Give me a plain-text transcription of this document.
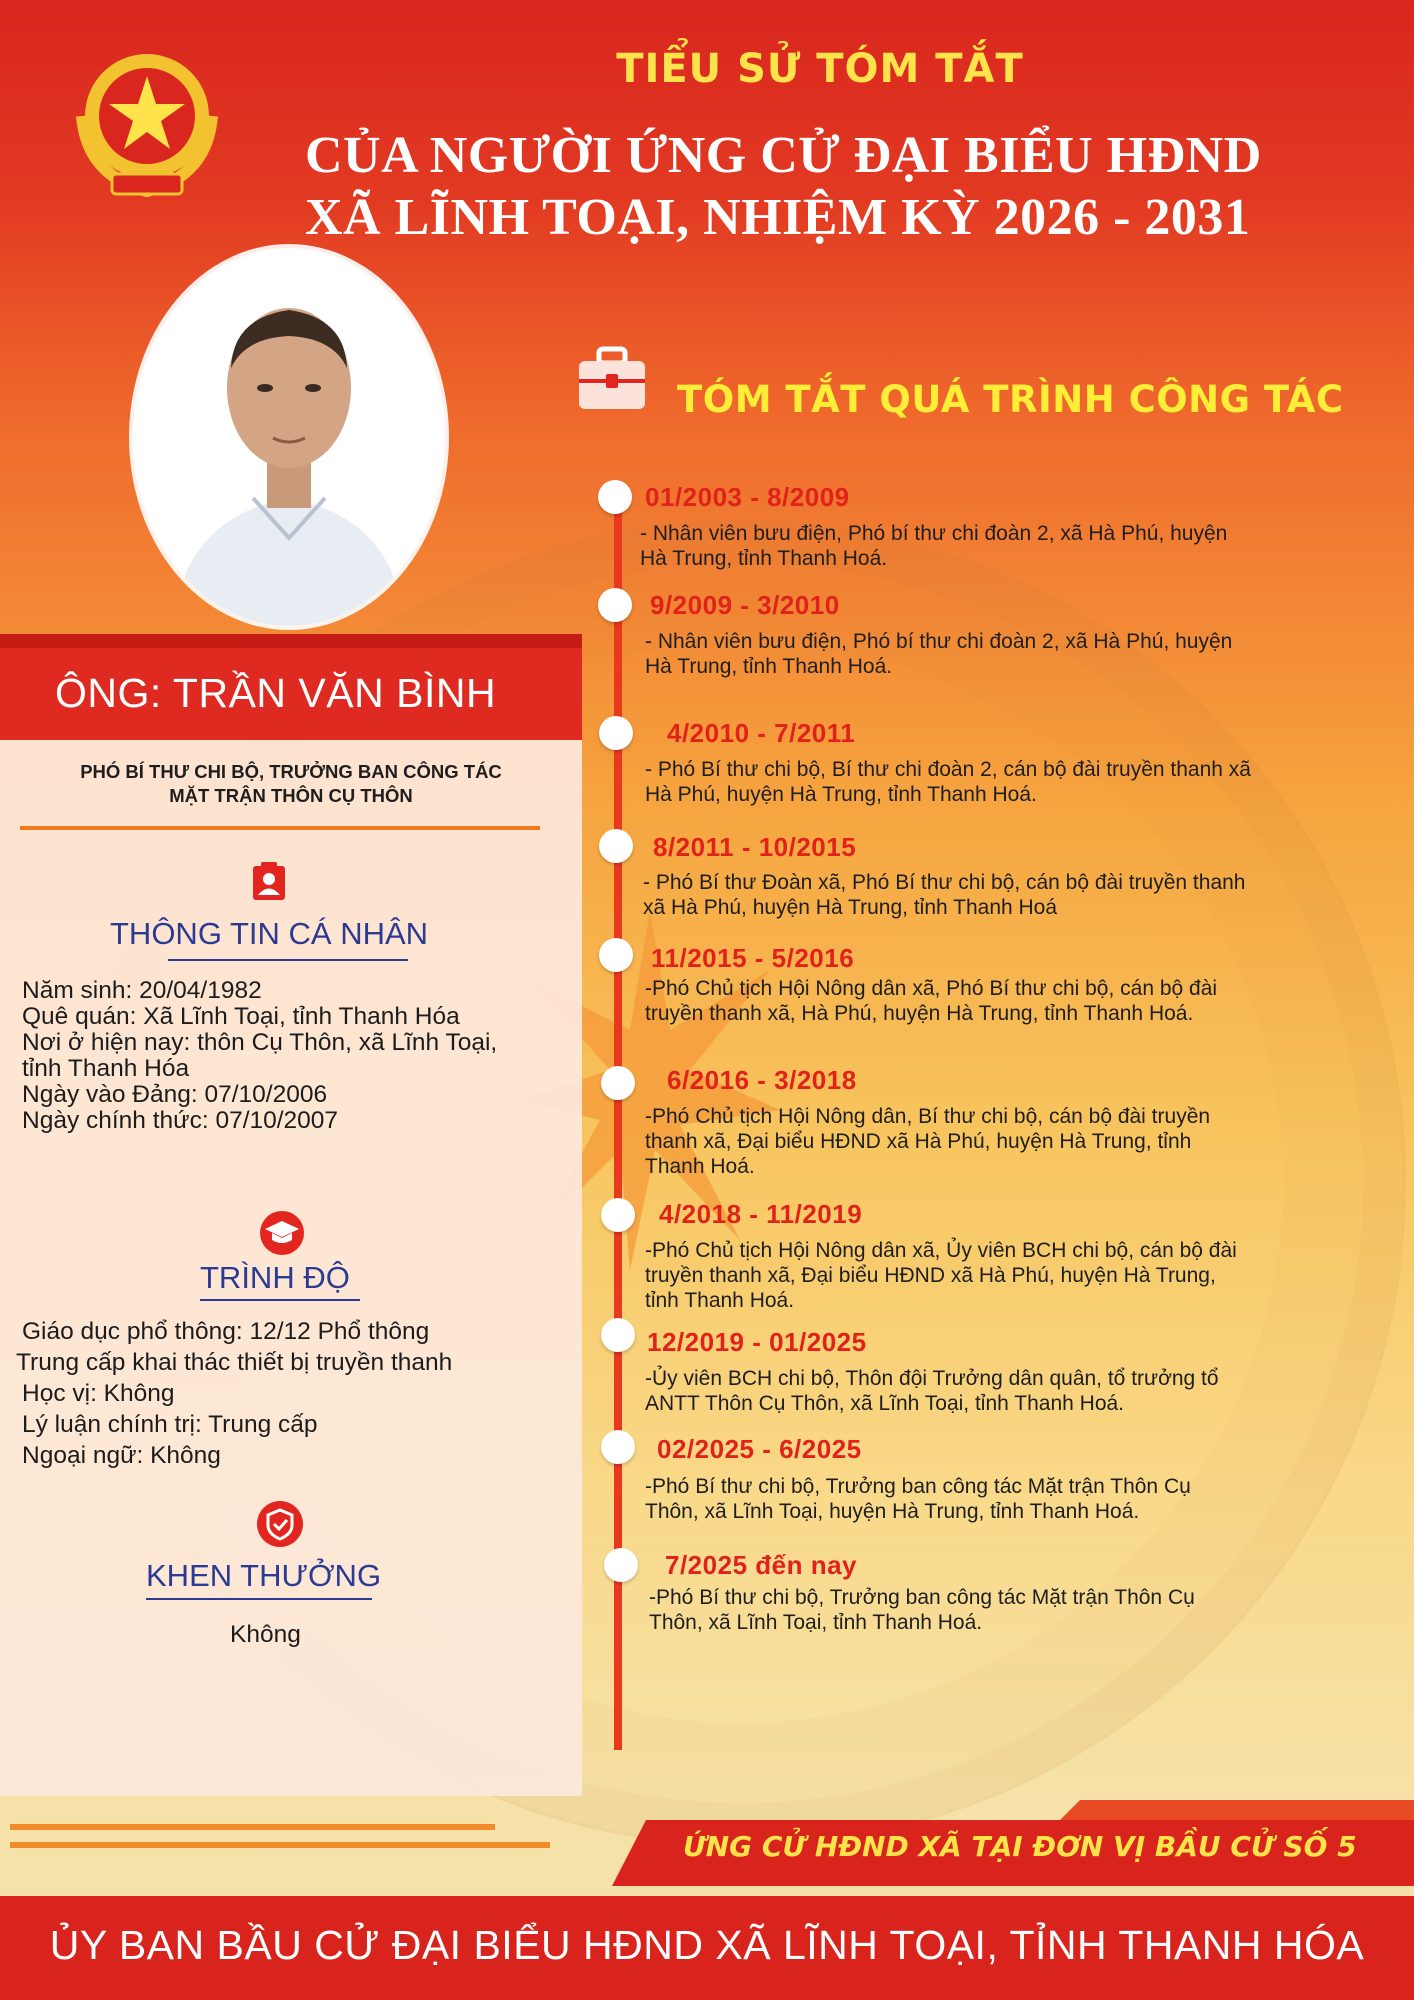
TIỂU SỬ TÓM TẮT
CỦA NGƯỜI ỨNG CỬ ĐẠI BIỂU HĐND
XÃ LĨNH TOẠI, NHIỆM KỲ 2026 - 2031
ÔNG: TRẦN VĂN BÌNH
PHÓ BÍ THƯ CHI BỘ, TRƯỞNG BAN CÔNG TÁC
MẶT TRẬN THÔN CỤ THÔN
THÔNG TIN CÁ NHÂN
Năm sinh: 20/04/1982
Quê quán: Xã Lĩnh Toại, tỉnh Thanh Hóa
Nơi ở hiện nay: thôn Cụ Thôn, xã Lĩnh Toại,
tỉnh Thanh Hóa
Ngày vào Đảng: 07/10/2006
Ngày chính thức: 07/10/2007
TRÌNH ĐỘ
Giáo dục phổ thông: 12/12 Phổ thông
Trung cấp khai thác thiết bị truyền thanh
Học vị: Không
Lý luận chính trị: Trung cấp
Ngoại ngữ: Không
KHEN THƯỞNG
Không
TÓM TẮT QUÁ TRÌNH CÔNG TÁC
01/2003 - 8/2009
- Nhân viên bưu điện, Phó bí thư chi đoàn 2, xã Hà Phú, huyện
Hà Trung, tỉnh Thanh Hoá.
9/2009 - 3/2010
- Nhân viên bưu điện, Phó bí thư chi đoàn 2, xã Hà Phú, huyện
Hà Trung, tỉnh Thanh Hoá.
4/2010 - 7/2011
- Phó Bí thư chi bộ, Bí thư chi đoàn 2, cán bộ đài truyền thanh xã
Hà Phú, huyện Hà Trung, tỉnh Thanh Hoá.
8/2011 - 10/2015
- Phó Bí thư Đoàn xã, Phó Bí thư chi bộ, cán bộ đài truyền thanh
xã Hà Phú, huyện Hà Trung, tỉnh Thanh Hoá
11/2015 - 5/2016
-Phó Chủ tịch Hội Nông dân xã, Phó Bí thư chi bộ, cán bộ đài
truyền thanh xã, Hà Phú, huyện Hà Trung, tỉnh Thanh Hoá.
6/2016 - 3/2018
-Phó Chủ tịch Hội Nông dân, Bí thư chi bộ, cán bộ đài truyền
thanh xã, Đại biểu HĐND xã Hà Phú, huyện Hà Trung, tỉnh
Thanh Hoá.
4/2018 - 11/2019
-Phó Chủ tịch Hội Nông dân xã, Ủy viên BCH chi bộ, cán bộ đài
truyền thanh xã, Đại biểu HĐND xã Hà Phú, huyện Hà Trung,
tỉnh Thanh Hoá.
12/2019 - 01/2025
-Ủy viên BCH chi bộ, Thôn đội Trưởng dân quân, tổ trưởng tổ
ANTT Thôn Cụ Thôn, xã Lĩnh Toại, tỉnh Thanh Hoá.
02/2025 - 6/2025
-Phó Bí thư chi bộ, Trưởng ban công tác Mặt trận Thôn Cụ
Thôn, xã Lĩnh Toại, huyện Hà Trung, tỉnh Thanh Hoá.
7/2025 đến nay
-Phó Bí thư chi bộ, Trưởng ban công tác Mặt trận Thôn Cụ
Thôn, xã Lĩnh Toại, tỉnh Thanh Hoá.
ỨNG CỬ HĐND XÃ TẠI ĐƠN VỊ BẦU CỬ SỐ 5
ỦY BAN BẦU CỬ ĐẠI BIỂU HĐND XÃ LĨNH TOẠI, TỈNH THANH HÓA
